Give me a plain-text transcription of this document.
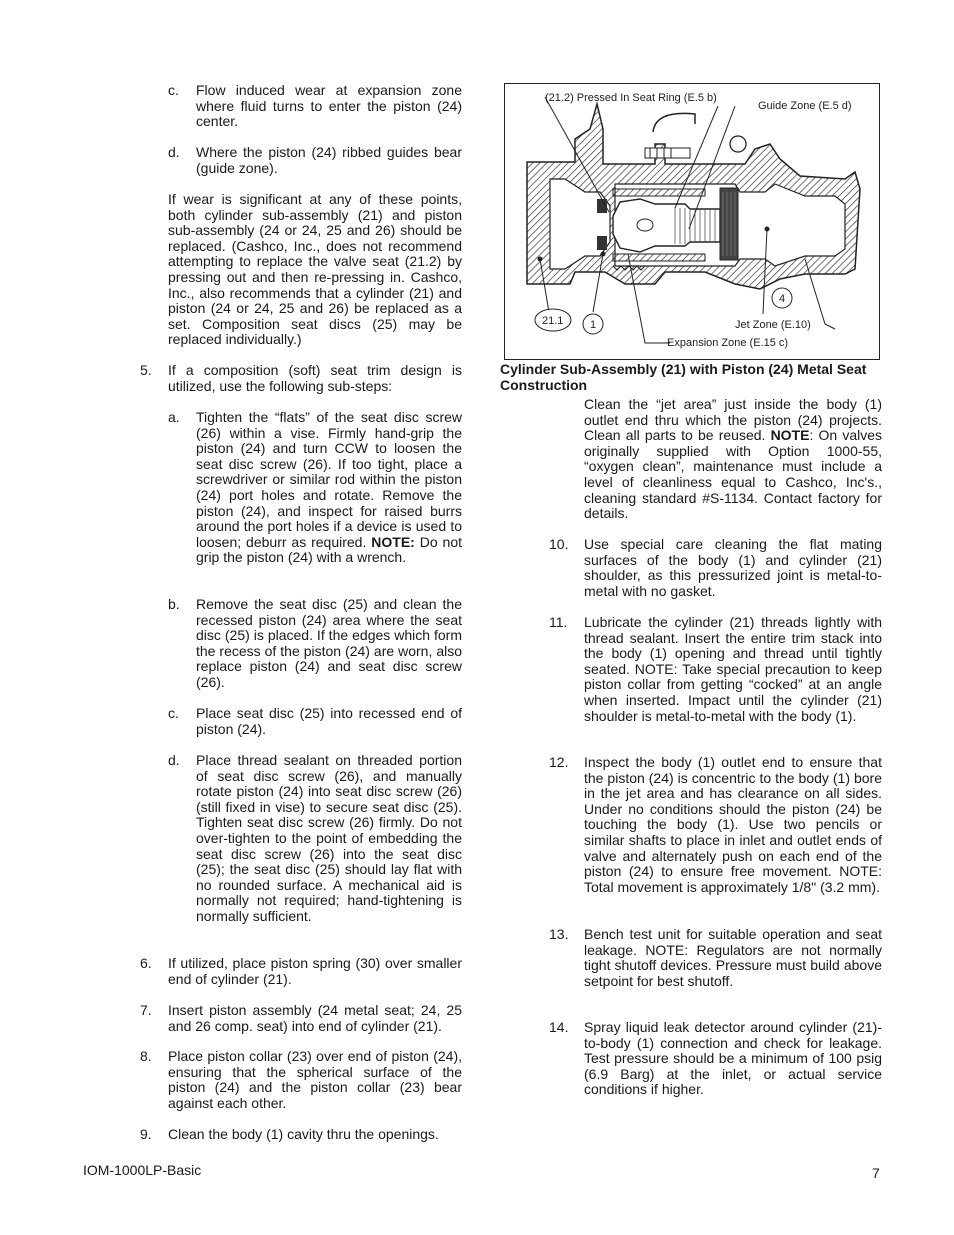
c. Flow induced wear at expansion zone where fluid turns to enter the piston (24) center.
d. Where the piston (24) ribbed guides bear (guide zone).
If wear is significant at any of these points, both cylinder sub-assembly (21) and piston sub-assembly (24 or 24, 25 and 26) should be replaced. (Cashco, Inc., does not recommend attempting to replace the valve seat (21.2) by pressing out and then re-pressing in. Cashco, Inc., also recommends that a cylinder (21) and piston (24 or 24, 25 and 26) be replaced as a set. Composition seat discs (25) may be replaced individually.)
5. If a composition (soft) seat trim design is utilized, use the following sub-steps:
a. Tighten the “flats” of the seat disc screw (26) within a vise. Firmly hand-grip the piston (24) and turn CCW to loosen the seat disc screw (26). If too tight, place a screwdriver or similar rod within the piston (24) port holes and rotate. Remove the piston (24), and inspect for raised burrs around the port holes if a device is used to loosen; deburr as required. NOTE: Do not grip the piston (24) with a wrench.
b. Remove the seat disc (25) and clean the recessed piston (24) area where the seat disc (25) is placed. If the edges which form the recess of the piston (24) are worn, also replace piston (24) and seat disc screw (26).
c. Place seat disc (25) into recessed end of piston (24).
d. Place thread sealant on threaded portion of seat disc screw (26), and manually rotate piston (24) into seat disc screw (26) (still fixed in vise) to secure seat disc (25). Tighten seat disc screw (26) firmly. Do not over-tighten to the point of embedding the seat disc screw (26) into the seat disc (25); the seat disc (25) should lay flat with no rounded surface. A mechanical aid is normally not required; hand-tightening is normally sufficient.
6. If utilized, place piston spring (30) over smaller end of cylinder (21).
7. Insert piston assembly (24 metal seat; 24, 25 and 26 comp. seat) into end of cylinder (21).
8. Place piston collar (23) over end of piston (24), ensuring that the spherical surface of the piston (24) and the piston collar (23) bear against each other.
9. Clean the body (1) cavity thru the openings.
(21.2) Pressed In Seat Ring (E.5 b)
Guide Zone (E.5 d)
Jet Zone (E.10)
Expansion Zone (E.15 c)
21.1 1
4
Cylinder Sub-Assembly (21) with Piston (24) Metal Seat Construction
Clean the “jet area” just inside the body (1) outlet end thru which the piston (24) projects. Clean all parts to be reused. NOTE: On valves originally supplied with Option 1000-55, “oxygen clean”, maintenance must include a level of cleanliness equal to Cashco, Inc's., cleaning standard #S-1134. Contact factory for details.
10. Use special care cleaning the flat mating surfaces of the body (1) and cylinder (21) shoulder, as this pressurized joint is metal-to-metal with no gasket.
11. Lubricate the cylinder (21) threads lightly with thread sealant. Insert the entire trim stack into the body (1) opening and thread until tightly seated. NOTE: Take special precaution to keep piston collar from getting “cocked” at an angle when inserted. Impact until the cylinder (21) shoulder is metal-to-metal with the body (1).
12. Inspect the body (1) outlet end to ensure that the piston (24) is concentric to the body (1) bore in the jet area and has clearance on all sides. Under no conditions should the piston (24) be touching the body (1). Use two pencils or similar shafts to place in inlet and outlet ends of valve and alternately push on each end of the piston (24) to ensure free movement. NOTE: Total movement is approximately 1/8" (3.2 mm).
13. Bench test unit for suitable operation and seat leakage. NOTE: Regulators are not normally tight shutoff devices. Pressure must build above setpoint for best shutoff.
14. Spray liquid leak detector around cylinder (21)-to-body (1) connection and check for leakage. Test pressure should be a minimum of 100 psig (6.9 Barg) at the inlet, or actual service conditions if higher.
IOM-1000LP-Basic	7
